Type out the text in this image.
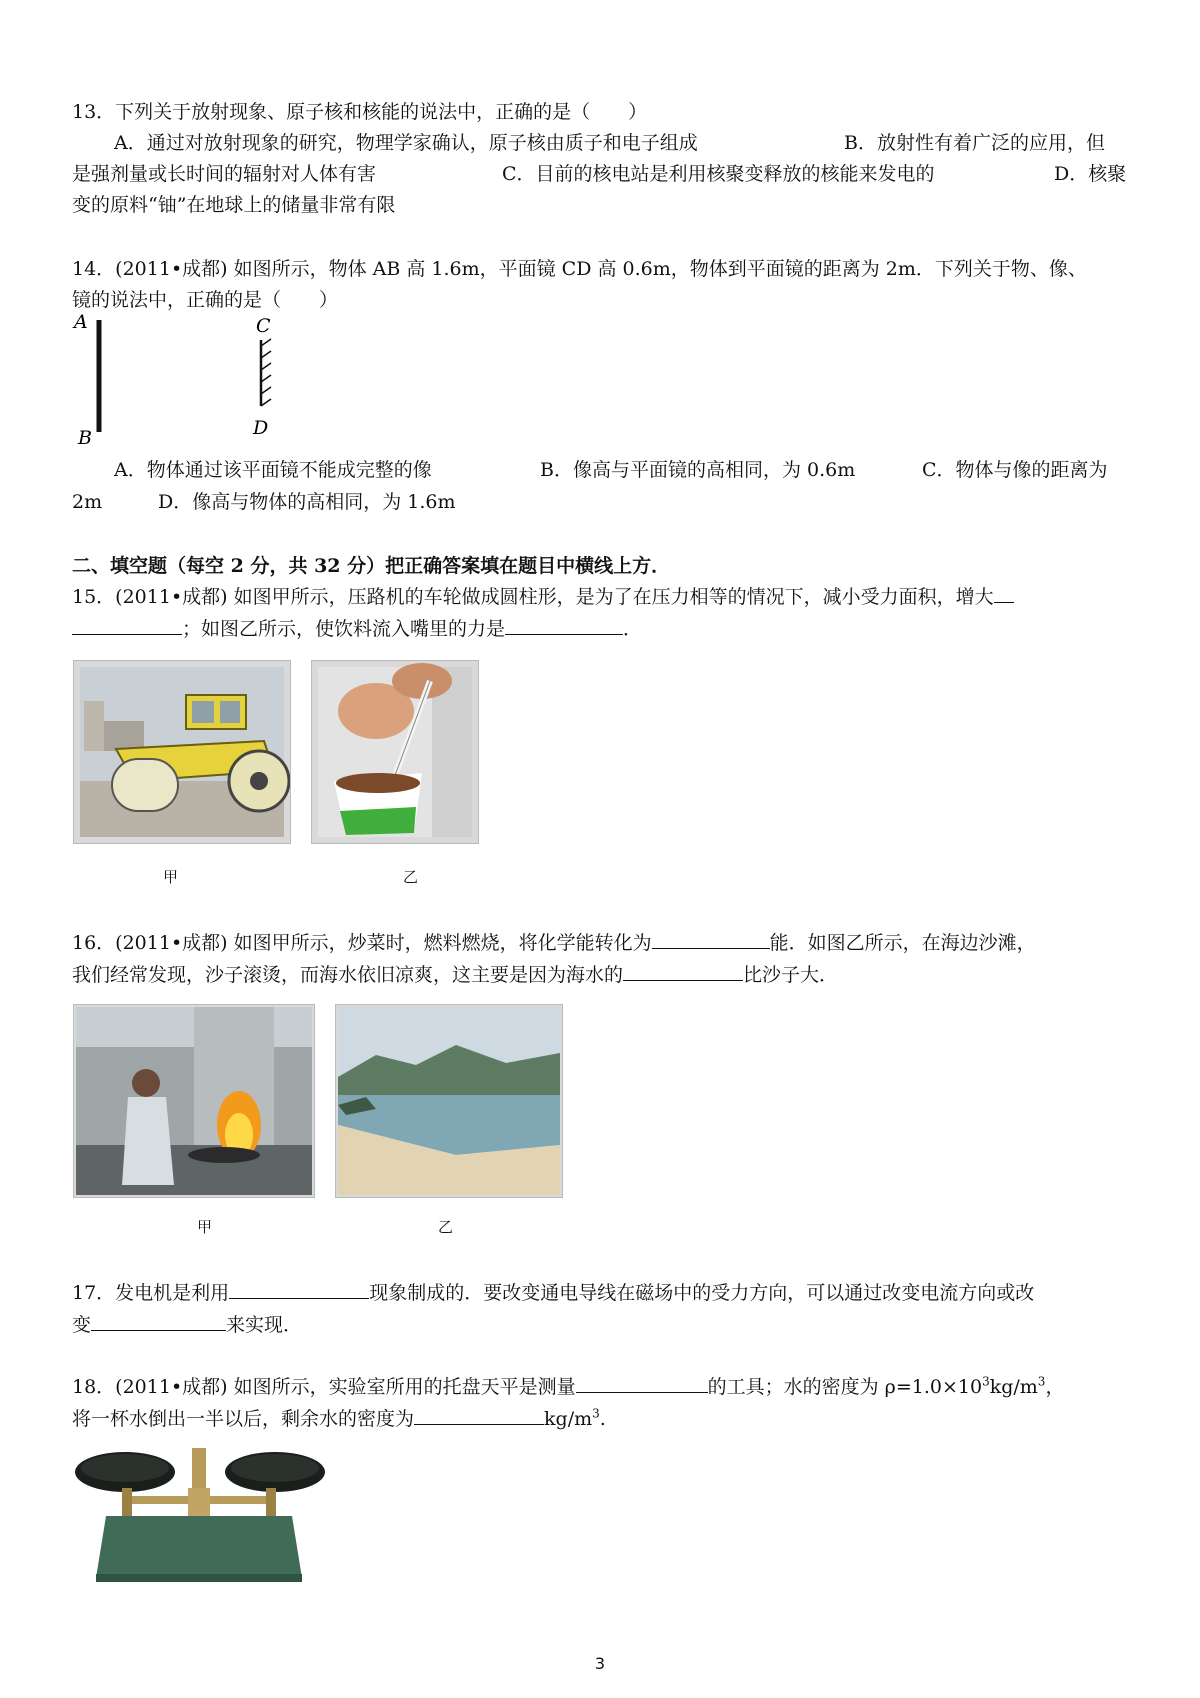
13．下列关于放射现象、原子核和核能的说法中，正确的是（　　）
A．通过对放射现象的研究，物理学家确认，原子核由质子和电子组成	B．放射性有着广泛的应用，但
是强剂量或长时间的辐射对人体有害	C．目前的核电站是利用核聚变释放的核能来发电的	D．核聚
变的原料“铀”在地球上的储量非常有限
14．(2011•成都) 如图所示，物体 AB 高 1.6m，平面镜 CD 高 0.6m，物体到平面镜的距离为 2m．下列关于物、像、
镜的说法中，正确的是（　　）
A
B
C
D
A．物体通过该平面镜不能成完整的像	B．像高与平面镜的高相同，为 0.6m	C．物体与像的距离为
2m	D．像高与物体的高相同，为 1.6m
二、填空题（每空 2 分，共 32 分）把正确答案填在题目中横线上方．
15．(2011•成都) 如图甲所示，压路机的车轮做成圆柱形，是为了在压力相等的情况下，减小受力面积，增大
；如图乙所示，使饮料流入嘴里的力是	．
甲	乙
16．(2011•成都) 如图甲所示，炒菜时，燃料燃烧，将化学能转化为	能．如图乙所示，在海边沙滩，
我们经常发现，沙子滚烫，而海水依旧凉爽，这主要是因为海水的	比沙子大．
甲	乙
17．发电机是利用	现象制成的．要改变通电导线在磁场中的受力方向，可以通过改变电流方向或改
变	来实现．
18．(2011•成都) 如图所示，实验室所用的托盘天平是测量	的工具；水的密度为 $\rho=1.0\times 10^3kg/m^3$，
将一杯水倒出一半以后，剩余水的密度为	$kg/m^3$.
3
